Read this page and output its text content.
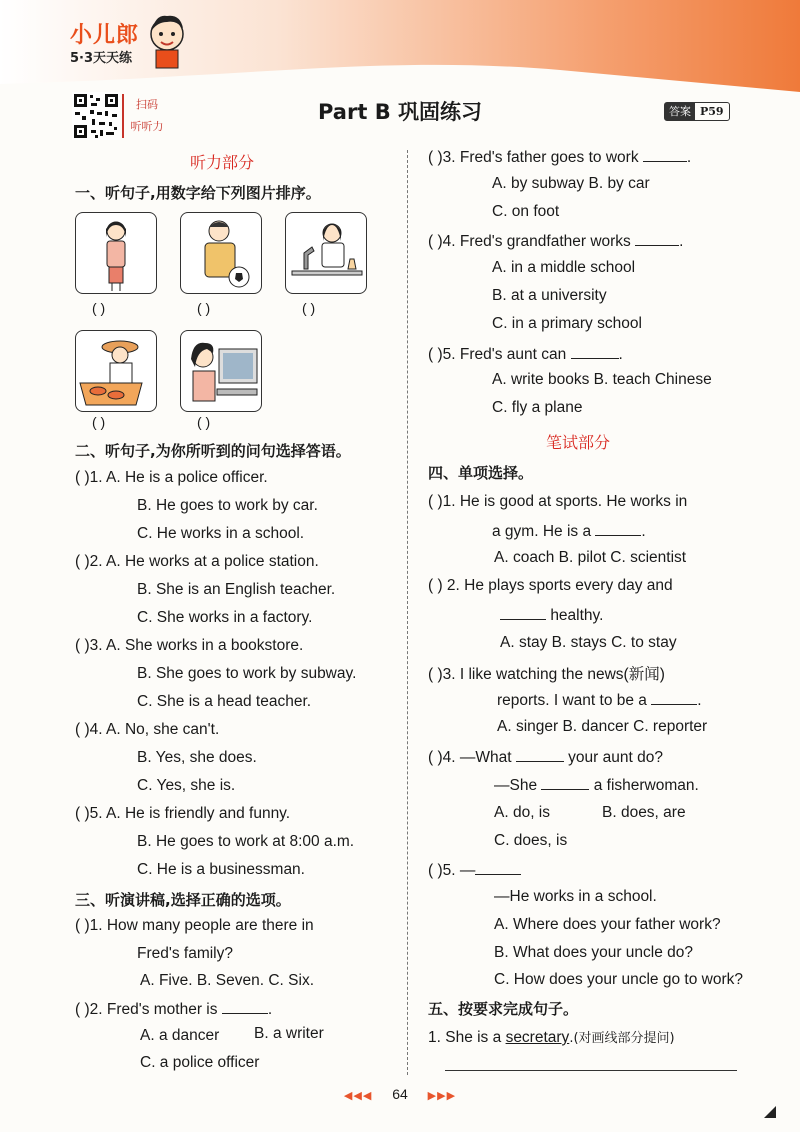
小儿郎
5·3天天练
扫码
听听力
Part B 巩固练习	答案 P59
听力部分
一、听句子,用数字给下列图片排序。
( )	( )	( )
( )	( )
二、听句子,为你所听到的问句选择答语。
( )1. A. He is a police officer.
B. He goes to work by car.
C. He works in a school.
( )2. A. He works at a police station.
B. She is an English teacher.
C. She works in a factory.
( )3. A. She works in a bookstore.
B. She goes to work by subway.
C. She is a head teacher.
( )4. A. No, she can't.
B. Yes, she does.
C. Yes, she is.
( )5. A. He is friendly and funny.
B. He goes to work at 8:00 a.m.
C. He is a businessman.
三、听演讲稿,选择正确的选项。
( )1. How many people are there in
Fred's family?
A. Five. B. Seven. C. Six.
( )2. Fred's mother is	.
A. a dancer B. a writer
C. a police officer
( )3. Fred's father goes to work	.
A. by subway B. by car
C. on foot
( )4. Fred's grandfather works	.
A. in a middle school
B. at a university
C. in a primary school
( )5. Fred's aunt can	.
A. write books B. teach Chinese
C. fly a plane
笔试部分
四、单项选择。
( )1. He is good at sports. He works in
a gym. He is a	.
A. coach B. pilot C. scientist
( ) 2. He plays sports every day and
healthy.
A. stay B. stays C. to stay
( )3. I like watching the news(新闻)
reports. I want to be a	.
A. singer B. dancer C. reporter
( )4. —What	your aunt do?
—She	a fisherwoman.
A. do, is	B. does, are
C. does, is
( )5. —
—He works in a school.
A. Where does your father work?
B. What does your uncle do?
C. How does your uncle go to work?
五、按要求完成句子。
1. She is a secretary.(对画线部分提问)
◀◀◀ 64 ▶▶▶
